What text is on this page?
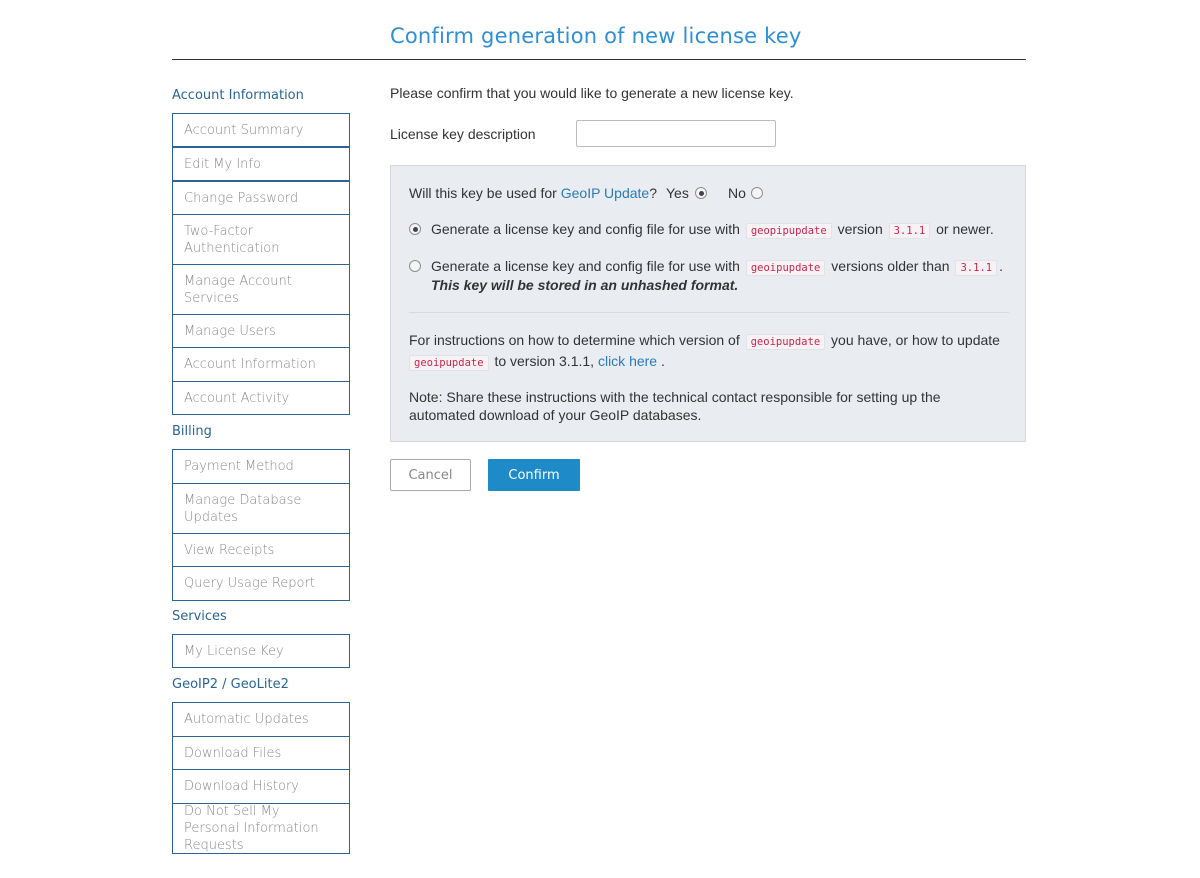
Confirm generation of new license key
Account Information
Account Summary
Edit My Info
Change Password
Two-Factor Authentication
Manage Account Services
Manage Users
Account Information
Account Activity
Billing
Payment Method
Manage Database Updates
View Receipts
Query Usage Report
Services
My License Key
GeoIP2 / GeoLite2
Automatic Updates
Download Files
Download History
Do Not Sell My Personal Information Requests

Please confirm that you would like to generate a new license key.

License key description
Will this key be used for GeoIP Update? Yes	No
Generate a license key and config file for use with geopipupdate version 3.1.1 or newer.
Generate a license key and config file for use with geoipupdate versions older than 3.1.1 .
This key will be stored in an unhashed format.
For instructions on how to determine which version of geoipupdate you have, or how to update
geoipupdate to version 3.1.1, click here .
Note: Share these instructions with the technical contact responsible for setting up the automated download of your GeoIP databases.
Cancel	Confirm
